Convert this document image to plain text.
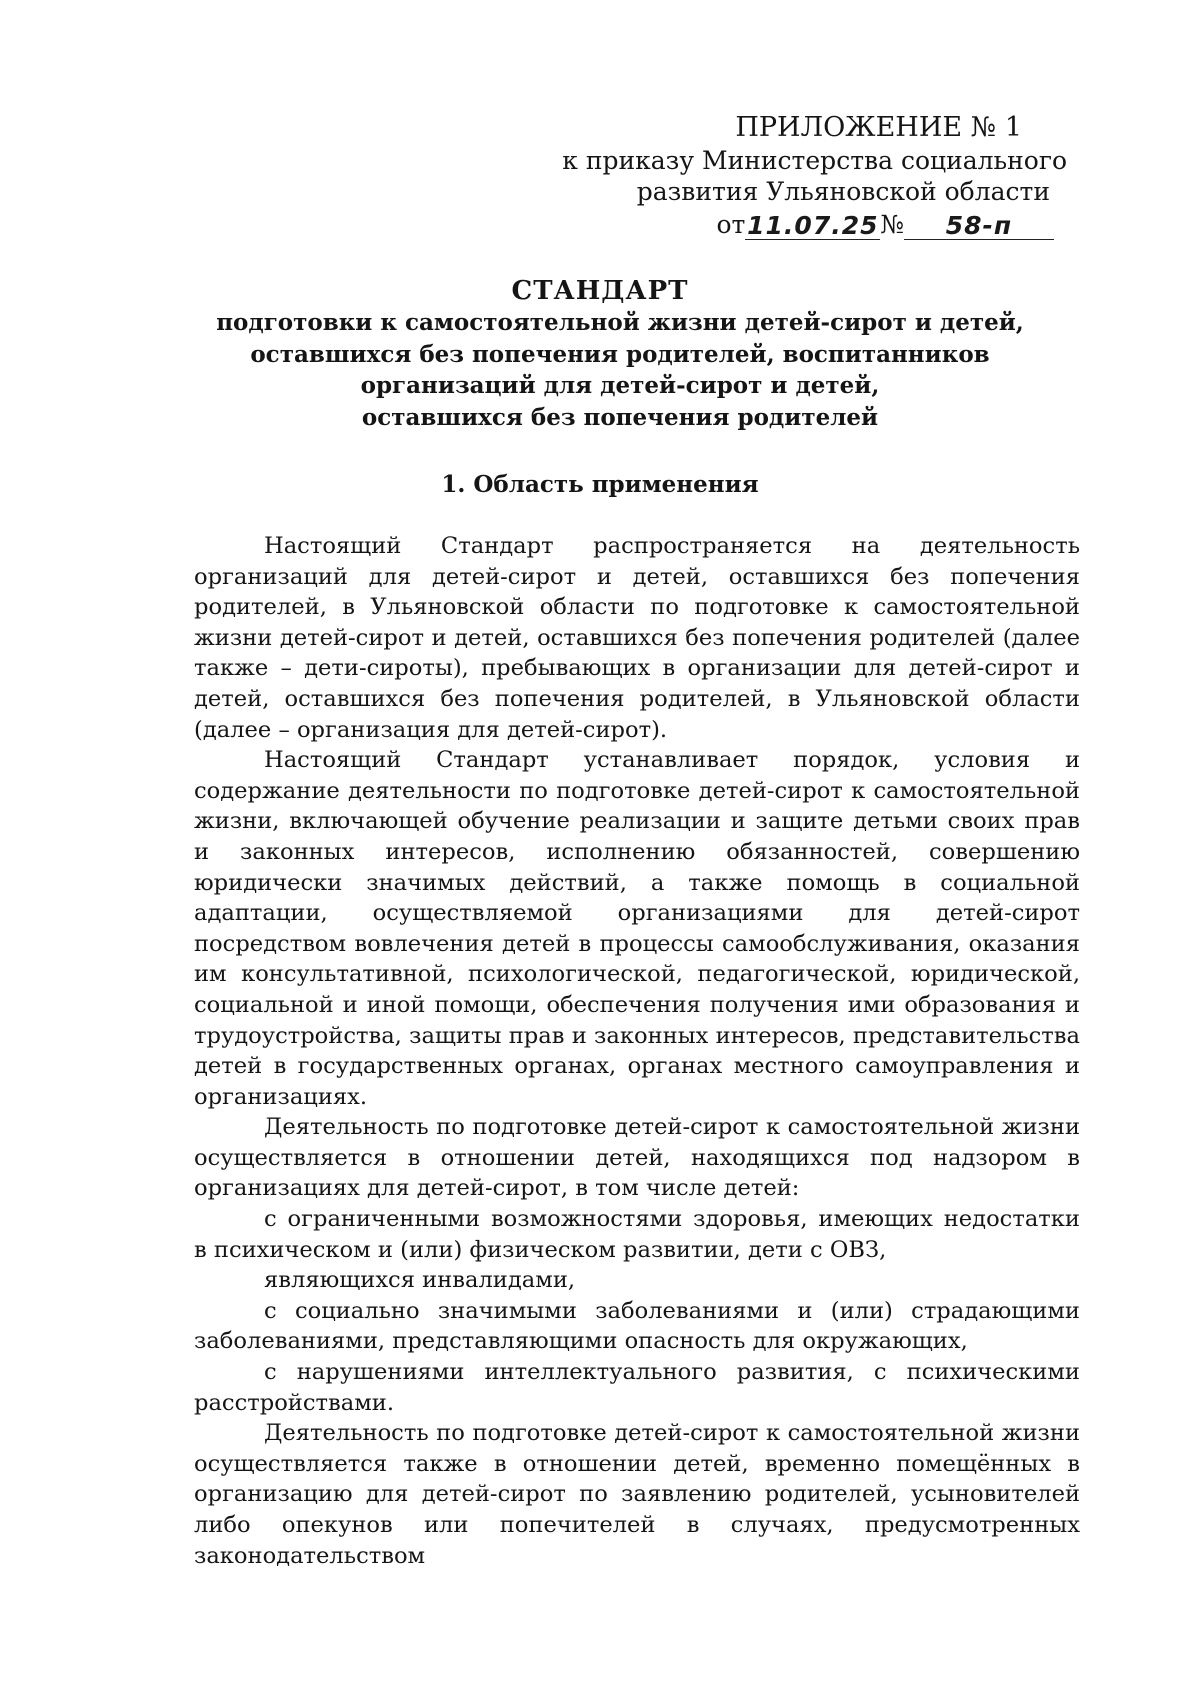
ПРИЛОЖЕНИЕ № 1
к приказу Министерства социального
развития Ульяновской области
от 11.07.25 №	58-п
СТАНДАРТ
подготовки к самостоятельной жизни детей-сирот и детей,
оставшихся без попечения родителей, воспитанников
организаций для детей-сирот и детей,
оставшихся без попечения родителей
1. Область применения

Настоящий Стандарт распространяется на деятельность организаций для детей-сирот и детей, оставшихся без попечения родителей, в Ульяновской области по подготовке к самостоятельной жизни детей-сирот и детей, оставшихся без попечения родителей (далее также – дети-сироты), пребывающих в организации для детей-сирот и детей, оставшихся без попечения родителей, в Ульяновской области (далее – организация для детей-сирот).

Настоящий Стандарт устанавливает порядок, условия и содержание деятельности по подготовке детей-сирот к самостоятельной жизни, включающей обучение реализации и защите детьми своих прав и законных интересов, исполнению обязанностей, совершению юридически значимых действий, а также помощь в социальной адаптации, осуществляемой организациями для детей-сирот посредством вовлечения детей в процессы самообслуживания, оказания им консультативной, психологической, педагогической, юридической, социальной и иной помощи, обеспечения получения ими образования и трудоустройства, защиты прав и законных интересов, представительства детей в государственных органах, органах местного самоуправления и организациях.

Деятельность по подготовке детей-сирот к самостоятельной жизни осуществляется в отношении детей, находящихся под надзором в организациях для детей-сирот, в том числе детей:

с ограниченными возможностями здоровья, имеющих недостатки в психическом и (или) физическом развитии, дети с ОВЗ,

являющихся инвалидами,

с социально значимыми заболеваниями и (или) страдающими заболеваниями, представляющими опасность для окружающих,

с нарушениями интеллектуального развития, с психическими расстройствами.

Деятельность по подготовке детей-сирот к самостоятельной жизни осуществляется также в отношении детей, временно помещённых в организацию для детей-сирот по заявлению родителей, усыновителей либо опекунов или попечителей в случаях, предусмотренных законодательством
